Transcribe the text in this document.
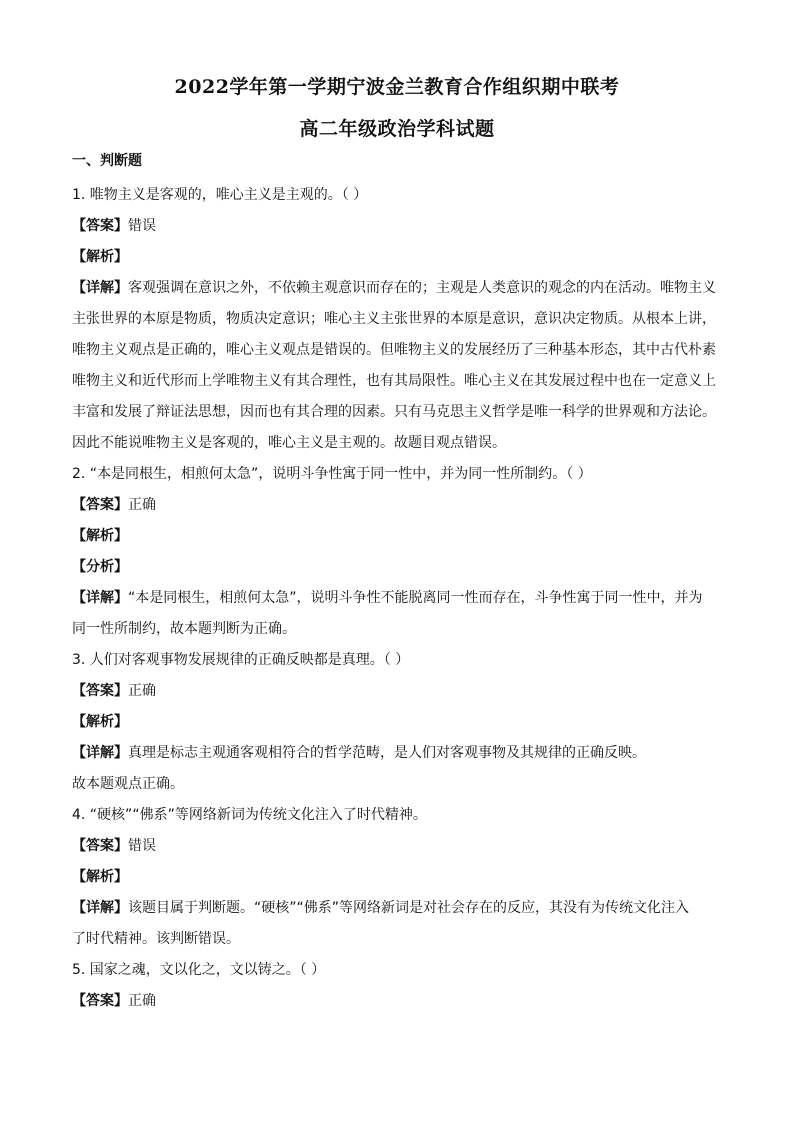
2022学年第一学期宁波金兰教育合作组织期中联考
高二年级政治学科试题
一、判断题
1. 唯物主义是客观的，唯心主义是主观的。（ ）
【答案】错误
【解析】
【详解】客观强调在意识之外，不依赖主观意识而存在的；主观是人类意识的观念的内在活动。唯物主义
主张世界的本原是物质，物质决定意识；唯心主义主张世界的本原是意识，意识决定物质。从根本上讲，
唯物主义观点是正确的，唯心主义观点是错误的。但唯物主义的发展经历了三种基本形态，其中古代朴素
唯物主义和近代形而上学唯物主义有其合理性，也有其局限性。唯心主义在其发展过程中也在一定意义上
丰富和发展了辩证法思想，因而也有其合理的因素。只有马克思主义哲学是唯一科学的世界观和方法论。
因此不能说唯物主义是客观的，唯心主义是主观的。故题目观点错误。
2. “本是同根生，相煎何太急”，说明斗争性寓于同一性中，并为同一性所制约。（ ）
【答案】正确
【解析】
【分析】
【详解】“本是同根生，相煎何太急”，说明斗争性不能脱离同一性而存在，斗争性寓于同一性中，并为
同一性所制约，故本题判断为正确。
3. 人们对客观事物发展规律的正确反映都是真理。（ ）
【答案】正确
【解析】
【详解】真理是标志主观通客观相符合的哲学范畴，是人们对客观事物及其规律的正确反映。
故本题观点正确。
4. “硬核”“佛系”等网络新词为传统文化注入了时代精神。
【答案】错误
【解析】
【详解】该题目属于判断题。“硬核”“佛系”等网络新词是对社会存在的反应，其没有为传统文化注入
了时代精神。该判断错误。
5. 国家之魂，文以化之，文以铸之。（ ）
【答案】正确
